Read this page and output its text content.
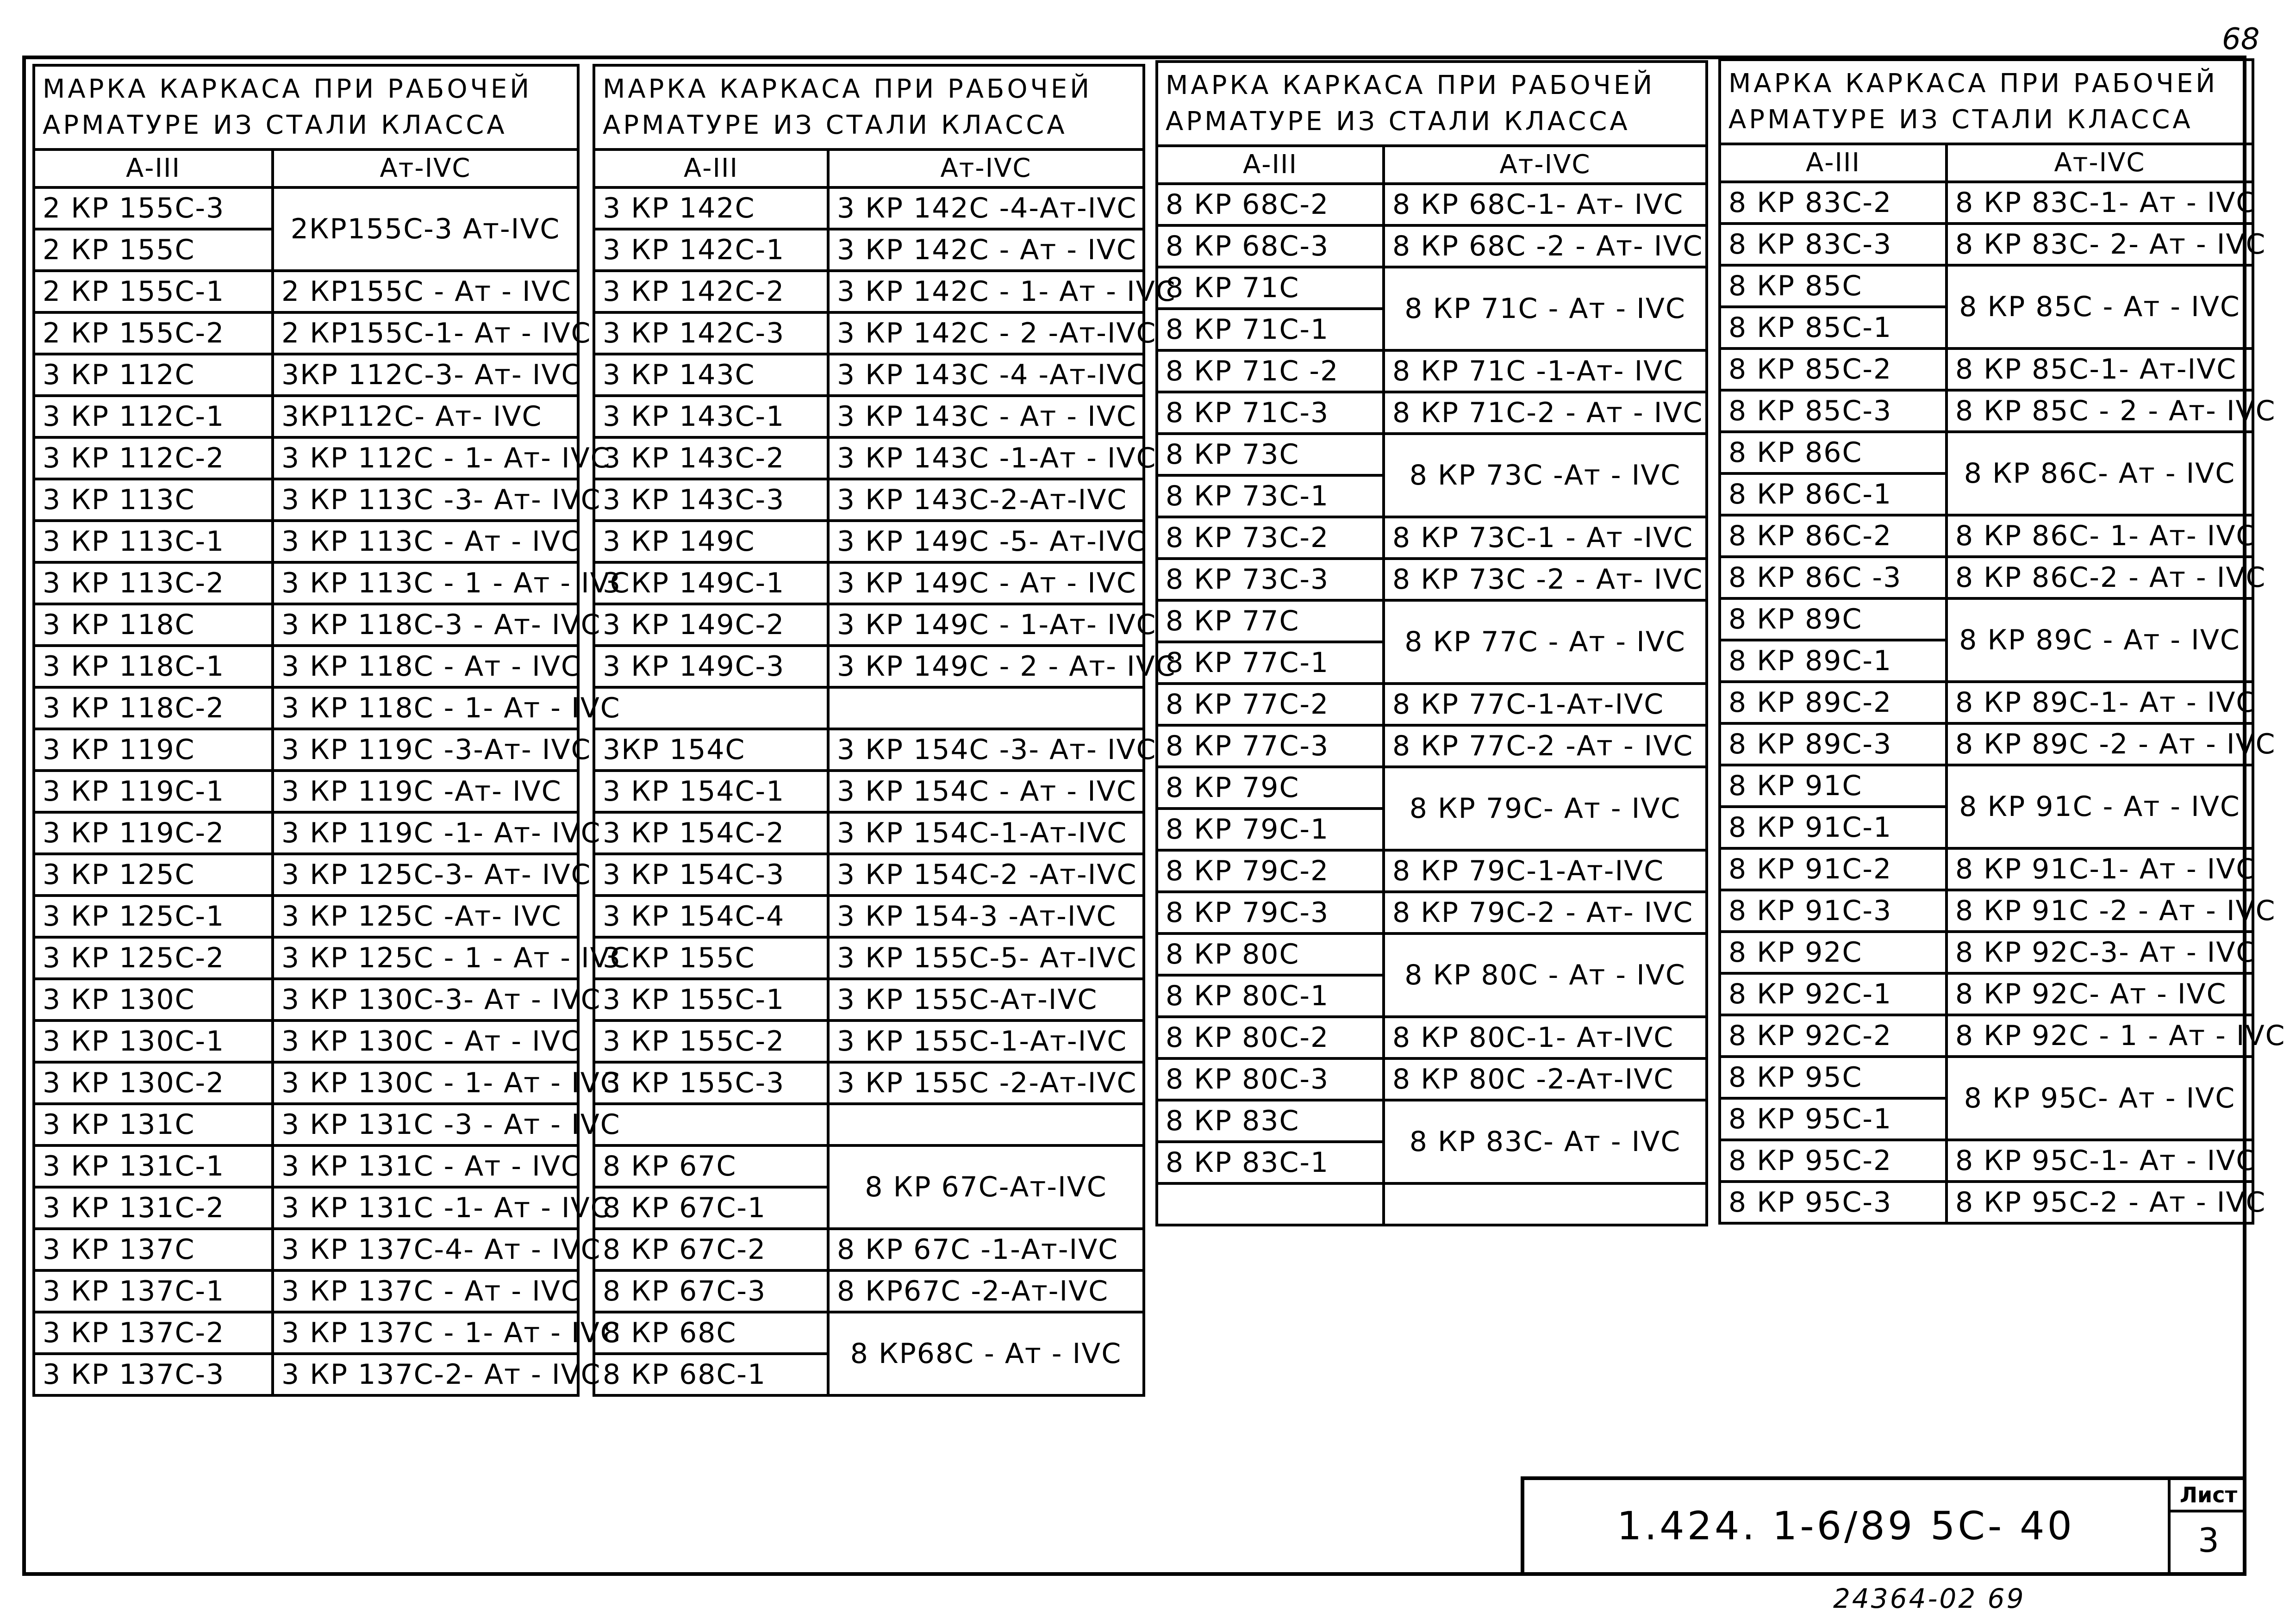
68
МАРКА КАРКАСА ПРИ РАБОЧЕЙ АРМАТУРЕ ИЗ СТАЛИ КЛАССА	
А-III	Ат-IVС
2 КР 155С-3	2КР155С-3 Ат-IVС
2 КР 155С	
2 КР 155С-1	2 КР155С - Ат - IVС
2 КР 155С-2	2 КР155С-1- Ат - IVС
3 КР 112С	3КР 112С-3- Ат- IVС
3 КР 112С-1	3КР112С- Ат- IVС
3 КР 112С-2	3 КР 112С - 1- Ат- IVС
3 КР 113С	3 КР 113С -3- Ат- IVС
3 КР 113С-1	3 КР 113С - Ат - IVС
3 КР 113С-2	3 КР 113С - 1 - Ат - IVС
3 КР 118С	3 КР 118С-3 - Ат- IVС
3 КР 118С-1	3 КР 118С - Ат - IVС
3 КР 118С-2	3 КР 118С - 1- Ат - IVС
3 КР 119С	3 КР 119С -3-Ат- IVС
3 КР 119С-1	3 КР 119С -Ат- IVС
3 КР 119С-2	3 КР 119С -1- Ат- IVС
3 КР 125С	3 КР 125С-3- Ат- IVС
3 КР 125С-1	3 КР 125С -Ат- IVС
3 КР 125С-2	3 КР 125С - 1 - Ат - IVС
3 КР 130С	3 КР 130С-3- Ат - IVС
3 КР 130С-1	3 КР 130С - Ат - IVС
3 КР 130С-2	3 КР 130С - 1- Ат - IVС
3 КР 131С	3 КР 131С -3 - Ат - IVС
3 КР 131С-1	3 КР 131С - Ат - IVС
3 КР 131С-2	3 КР 131С -1- Ат - IVС
3 КР 137С	3 КР 137С-4- Ат - IVС
3 КР 137С-1	3 КР 137С - Ат - IVС
3 КР 137С-2	3 КР 137С - 1- Ат - IVС
3 КР 137С-3	3 КР 137С-2- Ат - IVС
МАРКА КАРКАСА ПРИ РАБОЧЕЙ АРМАТУРЕ ИЗ СТАЛИ КЛАССА	
А-III	Ат-IVС
3 КР 142С	3 КР 142С -4-Ат-IVС
3 КР 142С-1	3 КР 142С - Ат - IVС
3 КР 142С-2	3 КР 142С - 1- Ат - IVС
3 КР 142С-3	3 КР 142С - 2 -Ат-IVС
3 КР 143С	3 КР 143С -4 -Ат-IVС
3 КР 143С-1	3 КР 143С - Ат - IVС
3 КР 143С-2	3 КР 143С -1-Ат - IVС
3 КР 143С-3	3 КР 143С-2-Ат-IVС
3 КР 149С	3 КР 149С -5- Ат-IVС
3 КР 149С-1	3 КР 149С - Ат - IVС
3 КР 149С-2	3 КР 149С - 1-Ат- IVС
3 КР 149С-3	3 КР 149С - 2 - Ат- IVС

3КР 154С	3 КР 154С -3- Ат- IVС
3 КР 154С-1	3 КР 154С - Ат - IVС
3 КР 154С-2	3 КР 154С-1-Ат-IVС
3 КР 154С-3	3 КР 154С-2 -Ат-IVС
3 КР 154С-4	3 КР 154-3 -Ат-IVС
3 КР 155С	3 КР 155С-5- Ат-IVС
3 КР 155С-1	3 КР 155С-Ат-IVС
3 КР 155С-2	3 КР 155С-1-Ат-IVС
3 КР 155С-3	3 КР 155С -2-Ат-IVС

8 КР 67С	8 КР 67С-Ат-IVС
8 КР 67С-1	
8 КР 67С-2	8 КР 67С -1-Ат-IVС
8 КР 67С-3	8 КР67С -2-Ат-IVС
8 КР 68С	8 КР68С - Ат - IVС
8 КР 68С-1	
МАРКА КАРКАСА ПРИ РАБОЧЕЙ АРМАТУРЕ ИЗ СТАЛИ КЛАССА	
А-III	Ат-IVС
8 КР 68С-2	8 КР 68С-1- Ат- IVС
8 КР 68С-3	8 КР 68С -2 - Ат- IVС
8 КР 71С	8 КР 71С - Ат - IVС
8 КР 71С-1	
8 КР 71С -2	8 КР 71С -1-Ат- IVС
8 КР 71С-3	8 КР 71С-2 - Ат - IVС
8 КР 73С	8 КР 73С -Ат - IVС
8 КР 73С-1	
8 КР 73С-2	8 КР 73С-1 - Ат -IVС
8 КР 73С-3	8 КР 73С -2 - Ат- IVС
8 КР 77С	8 КР 77С - Ат - IVС
8 КР 77С-1	
8 КР 77С-2	8 КР 77С-1-Ат-IVС
8 КР 77С-3	8 КР 77С-2 -Ат - IVС
8 КР 79С	8 КР 79С- Ат - IVС
8 КР 79С-1	
8 КР 79С-2	8 КР 79С-1-Ат-IVС
8 КР 79С-3	8 КР 79С-2 - Ат- IVС
8 КР 80С	8 КР 80С - Ат - IVС
8 КР 80С-1	
8 КР 80С-2	8 КР 80С-1- Ат-IVС
8 КР 80С-3	8 КР 80С -2-Ат-IVС
8 КР 83С	8 КР 83С- Ат - IVС
8 КР 83С-1	

МАРКА КАРКАСА ПРИ РАБОЧЕЙ АРМАТУРЕ ИЗ СТАЛИ КЛАССА	
А-III	Ат-IVС
8 КР 83С-2	8 КР 83С-1- Ат - IVС
8 КР 83С-3	8 КР 83С- 2- Ат - IVС
8 КР 85С	8 КР 85С - Ат - IVС
8 КР 85С-1	
8 КР 85С-2	8 КР 85С-1- Ат-IVС
8 КР 85С-3	8 КР 85С - 2 - Ат- IVС
8 КР 86С	8 КР 86С- Ат - IVС
8 КР 86С-1	
8 КР 86С-2	8 КР 86С- 1- Ат- IVС
8 КР 86С -3	8 КР 86С-2 - Ат - IVС
8 КР 89С	8 КР 89С - Ат - IVС
8 КР 89С-1	
8 КР 89С-2	8 КР 89С-1- Ат - IVС
8 КР 89С-3	8 КР 89С -2 - Ат - IVС
8 КР 91С	8 КР 91С - Ат - IVС
8 КР 91С-1	
8 КР 91С-2	8 КР 91С-1- Ат - IVС
8 КР 91С-3	8 КР 91С -2 - Ат - IVС
8 КР 92С	8 КР 92С-3- Ат - IVС
8 КР 92С-1	8 КР 92С- Ат - IVС
8 КР 92С-2	8 КР 92С - 1 - Ат - IVС
8 КР 95С	8 КР 95С- Ат - IVС
8 КР 95С-1	
8 КР 95С-2	8 КР 95С-1- Ат - IVС
8 КР 95С-3	8 КР 95С-2 - Ат - IVС
1.424. 1-6/89 5С- 40
Лист
3
24364-02 69
